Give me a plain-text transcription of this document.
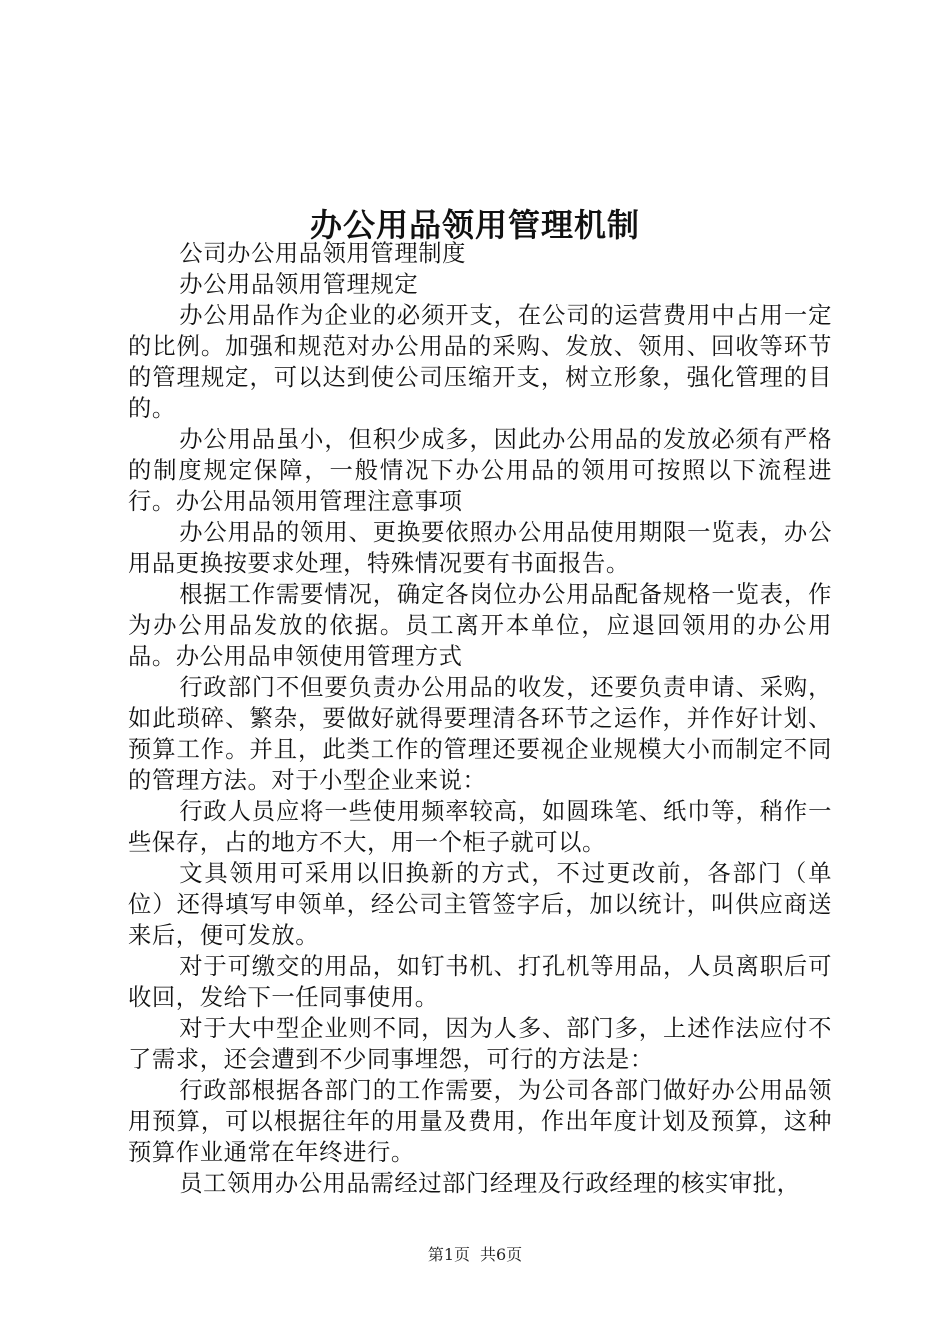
办公用品领用管理机制

公司办公用品领用管理制度

办公用品领用管理规定

办公用品作为企业的必须开支，在公司的运营费用中占用一定的比例。加强和规范对办公用品的采购、发放、领用、回收等环节的管理规定，可以达到使公司压缩开支，树立形象，强化管理的目的。

办公用品虽小，但积少成多，因此办公用品的发放必须有严格的制度规定保障，一般情况下办公用品的领用可按照以下流程进行。办公用品领用管理注意事项

办公用品的领用、更换要依照办公用品使用期限一览表，办公用品更换按要求处理，特殊情况要有书面报告。

根据工作需要情况，确定各岗位办公用品配备规格一览表，作为办公用品发放的依据。员工离开本单位，应退回领用的办公用品。办公用品申领使用管理方式

行政部门不但要负责办公用品的收发，还要负责申请、采购，如此琐碎、繁杂，要做好就得要理清各环节之运作，并作好计划、预算工作。并且，此类工作的管理还要视企业规模大小而制定不同的管理方法。对于小型企业来说：

行政人员应将一些使用频率较高，如圆珠笔、纸巾等，稍作一些保存，占的地方不大，用一个柜子就可以。

文具领用可采用以旧换新的方式，不过更改前，各部门（单位）还得填写申领单，经公司主管签字后，加以统计，叫供应商送来后，便可发放。

对于可缴交的用品，如钉书机、打孔机等用品，人员离职后可收回，发给下一任同事使用。

对于大中型企业则不同，因为人多、部门多，上述作法应付不了需求，还会遭到不少同事埋怨，可行的方法是：

行政部根据各部门的工作需要，为公司各部门做好办公用品领用预算，可以根据往年的用量及费用，作出年度计划及预算，这种预算作业通常在年终进行。

员工领用办公用品需经过部门经理及行政经理的核实审批，

第1页 共6页
